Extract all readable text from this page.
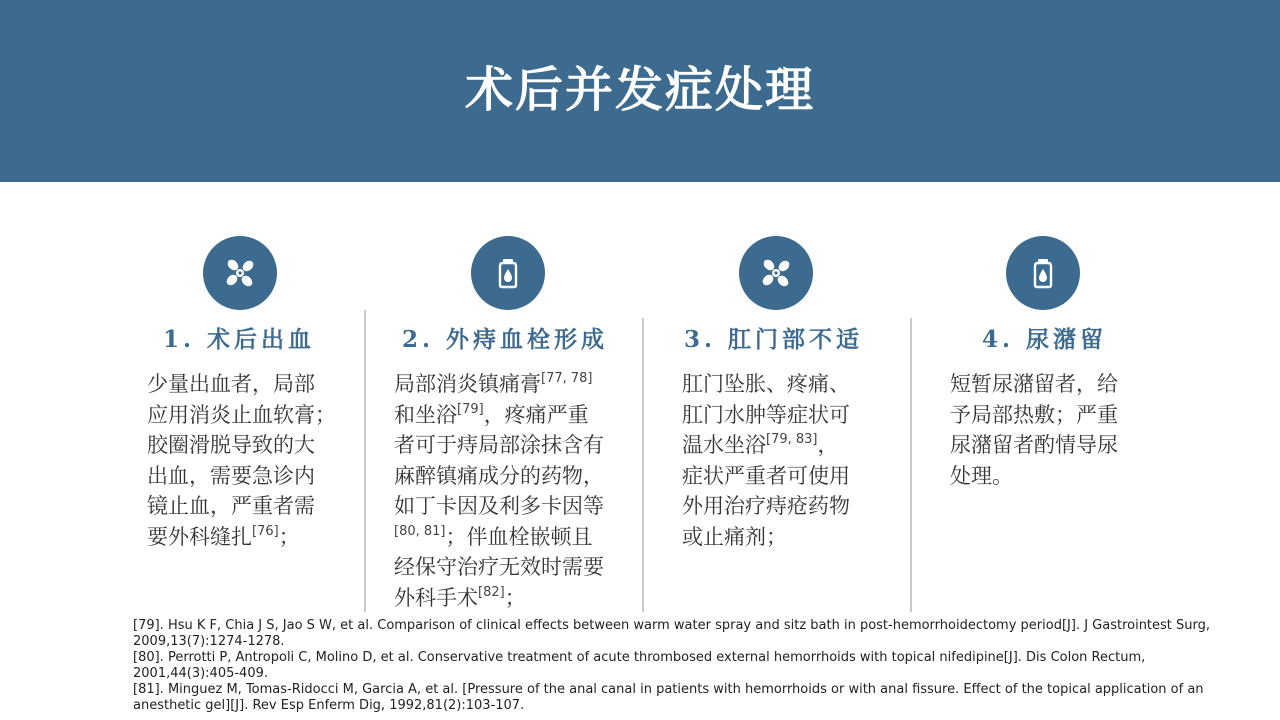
术后并发症处理
1. 术后出血
少量出血者，局部
应用消炎止血软膏；
胶圈滑脱导致的大
出血，需要急诊内
镜止血，严重者需
要外科缝扎[76]；
2. 外痔血栓形成
局部消炎镇痛膏[77, 78]
和坐浴[79]，疼痛严重
者可于痔局部涂抹含有
麻醉镇痛成分的药物，
如丁卡因及利多卡因等
[80, 81]；伴血栓嵌顿且
经保守治疗无效时需要
外科手术[82]；
3. 肛门部不适
肛门坠胀、疼痛、
肛门水肿等症状可
温水坐浴[79, 83]，
症状严重者可使用
外用治疗痔疮药物
或止痛剂；
4. 尿潴留
短暂尿潴留者，给
予局部热敷；严重
尿潴留者酌情导尿
处理。

[79]. Hsu K F, Chia J S, Jao S W, et al. Comparison of clinical effects between warm water spray and sitz bath in post-hemorrhoidectomy period[J]. J Gastrointest Surg, 2009,13(7):1274-1278.

[80]. Perrotti P, Antropoli C, Molino D, et al. Conservative treatment of acute thrombosed external hemorrhoids with topical nifedipine[J]. Dis Colon Rectum, 2001,44(3):405-409.

[81]. Minguez M, Tomas-Ridocci M, Garcia A, et al. [Pressure of the anal canal in patients with hemorrhoids or with anal fissure. Effect of the topical application of an anesthetic gel][J]. Rev Esp Enferm Dig, 1992,81(2):103-107.
